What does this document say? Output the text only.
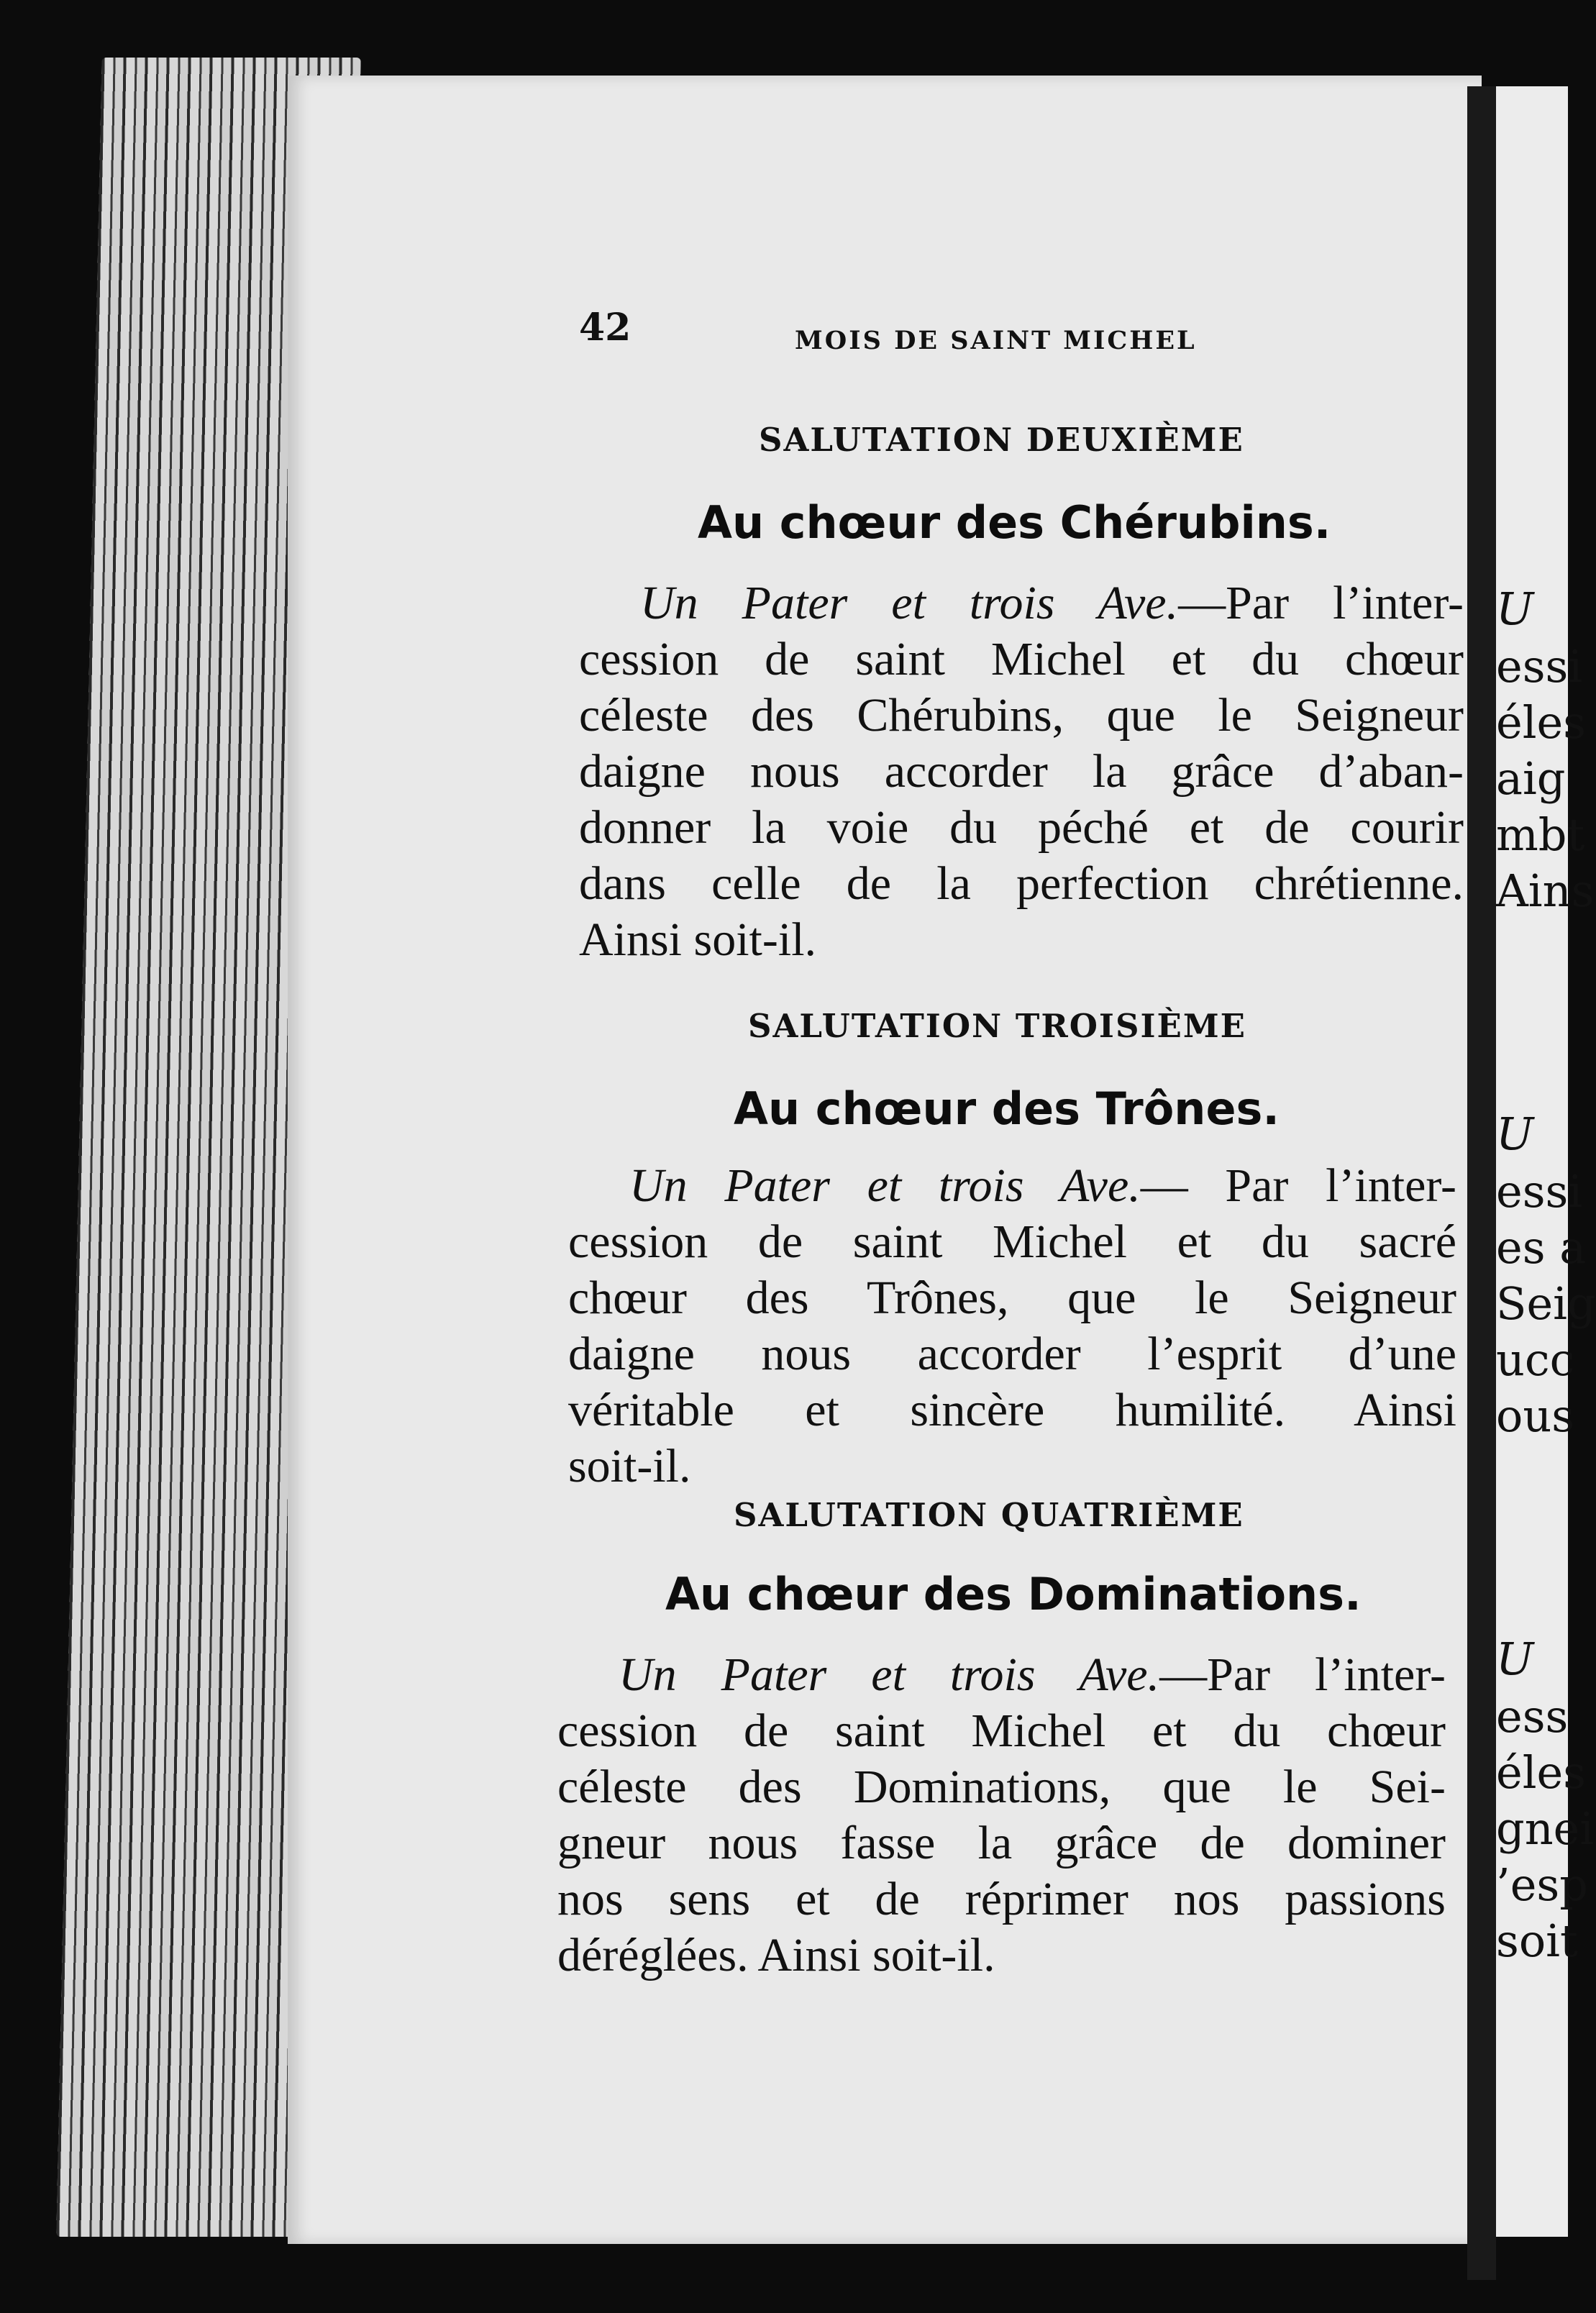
U
essi
éles
aig
mbt
Ains
U
essi
es a
Seig
ucc
ous
U
ess
éles
gnei
’esp
soit
42	MOIS DE SAINT MICHEL
SALUTATION DEUXIÈME
Au chœur des Chérubins.
Un Pater et trois Ave.—Par l’inter-
cession de saint Michel et du chœur
céleste des Chérubins, que le Seigneur
daigne nous accorder la grâce d’aban-
donner la voie du péché et de courir
dans celle de la perfection chrétienne.
Ainsi soit-il.
SALUTATION TROISIÈME
Au chœur des Trônes.
Un Pater et trois Ave.— Par l’inter-
cession de saint Michel et du sacré
chœur des Trônes, que le Seigneur
daigne nous accorder l’esprit d’une
véritable et sincère humilité. Ainsi
soit-il.
SALUTATION QUATRIÈME
Au chœur des Dominations.
Un Pater et trois Ave.—Par l’inter-
cession de saint Michel et du chœur
céleste des Dominations, que le Sei-
gneur nous fasse la grâce de dominer
nos sens et de réprimer nos passions
déréglées. Ainsi soit-il.
